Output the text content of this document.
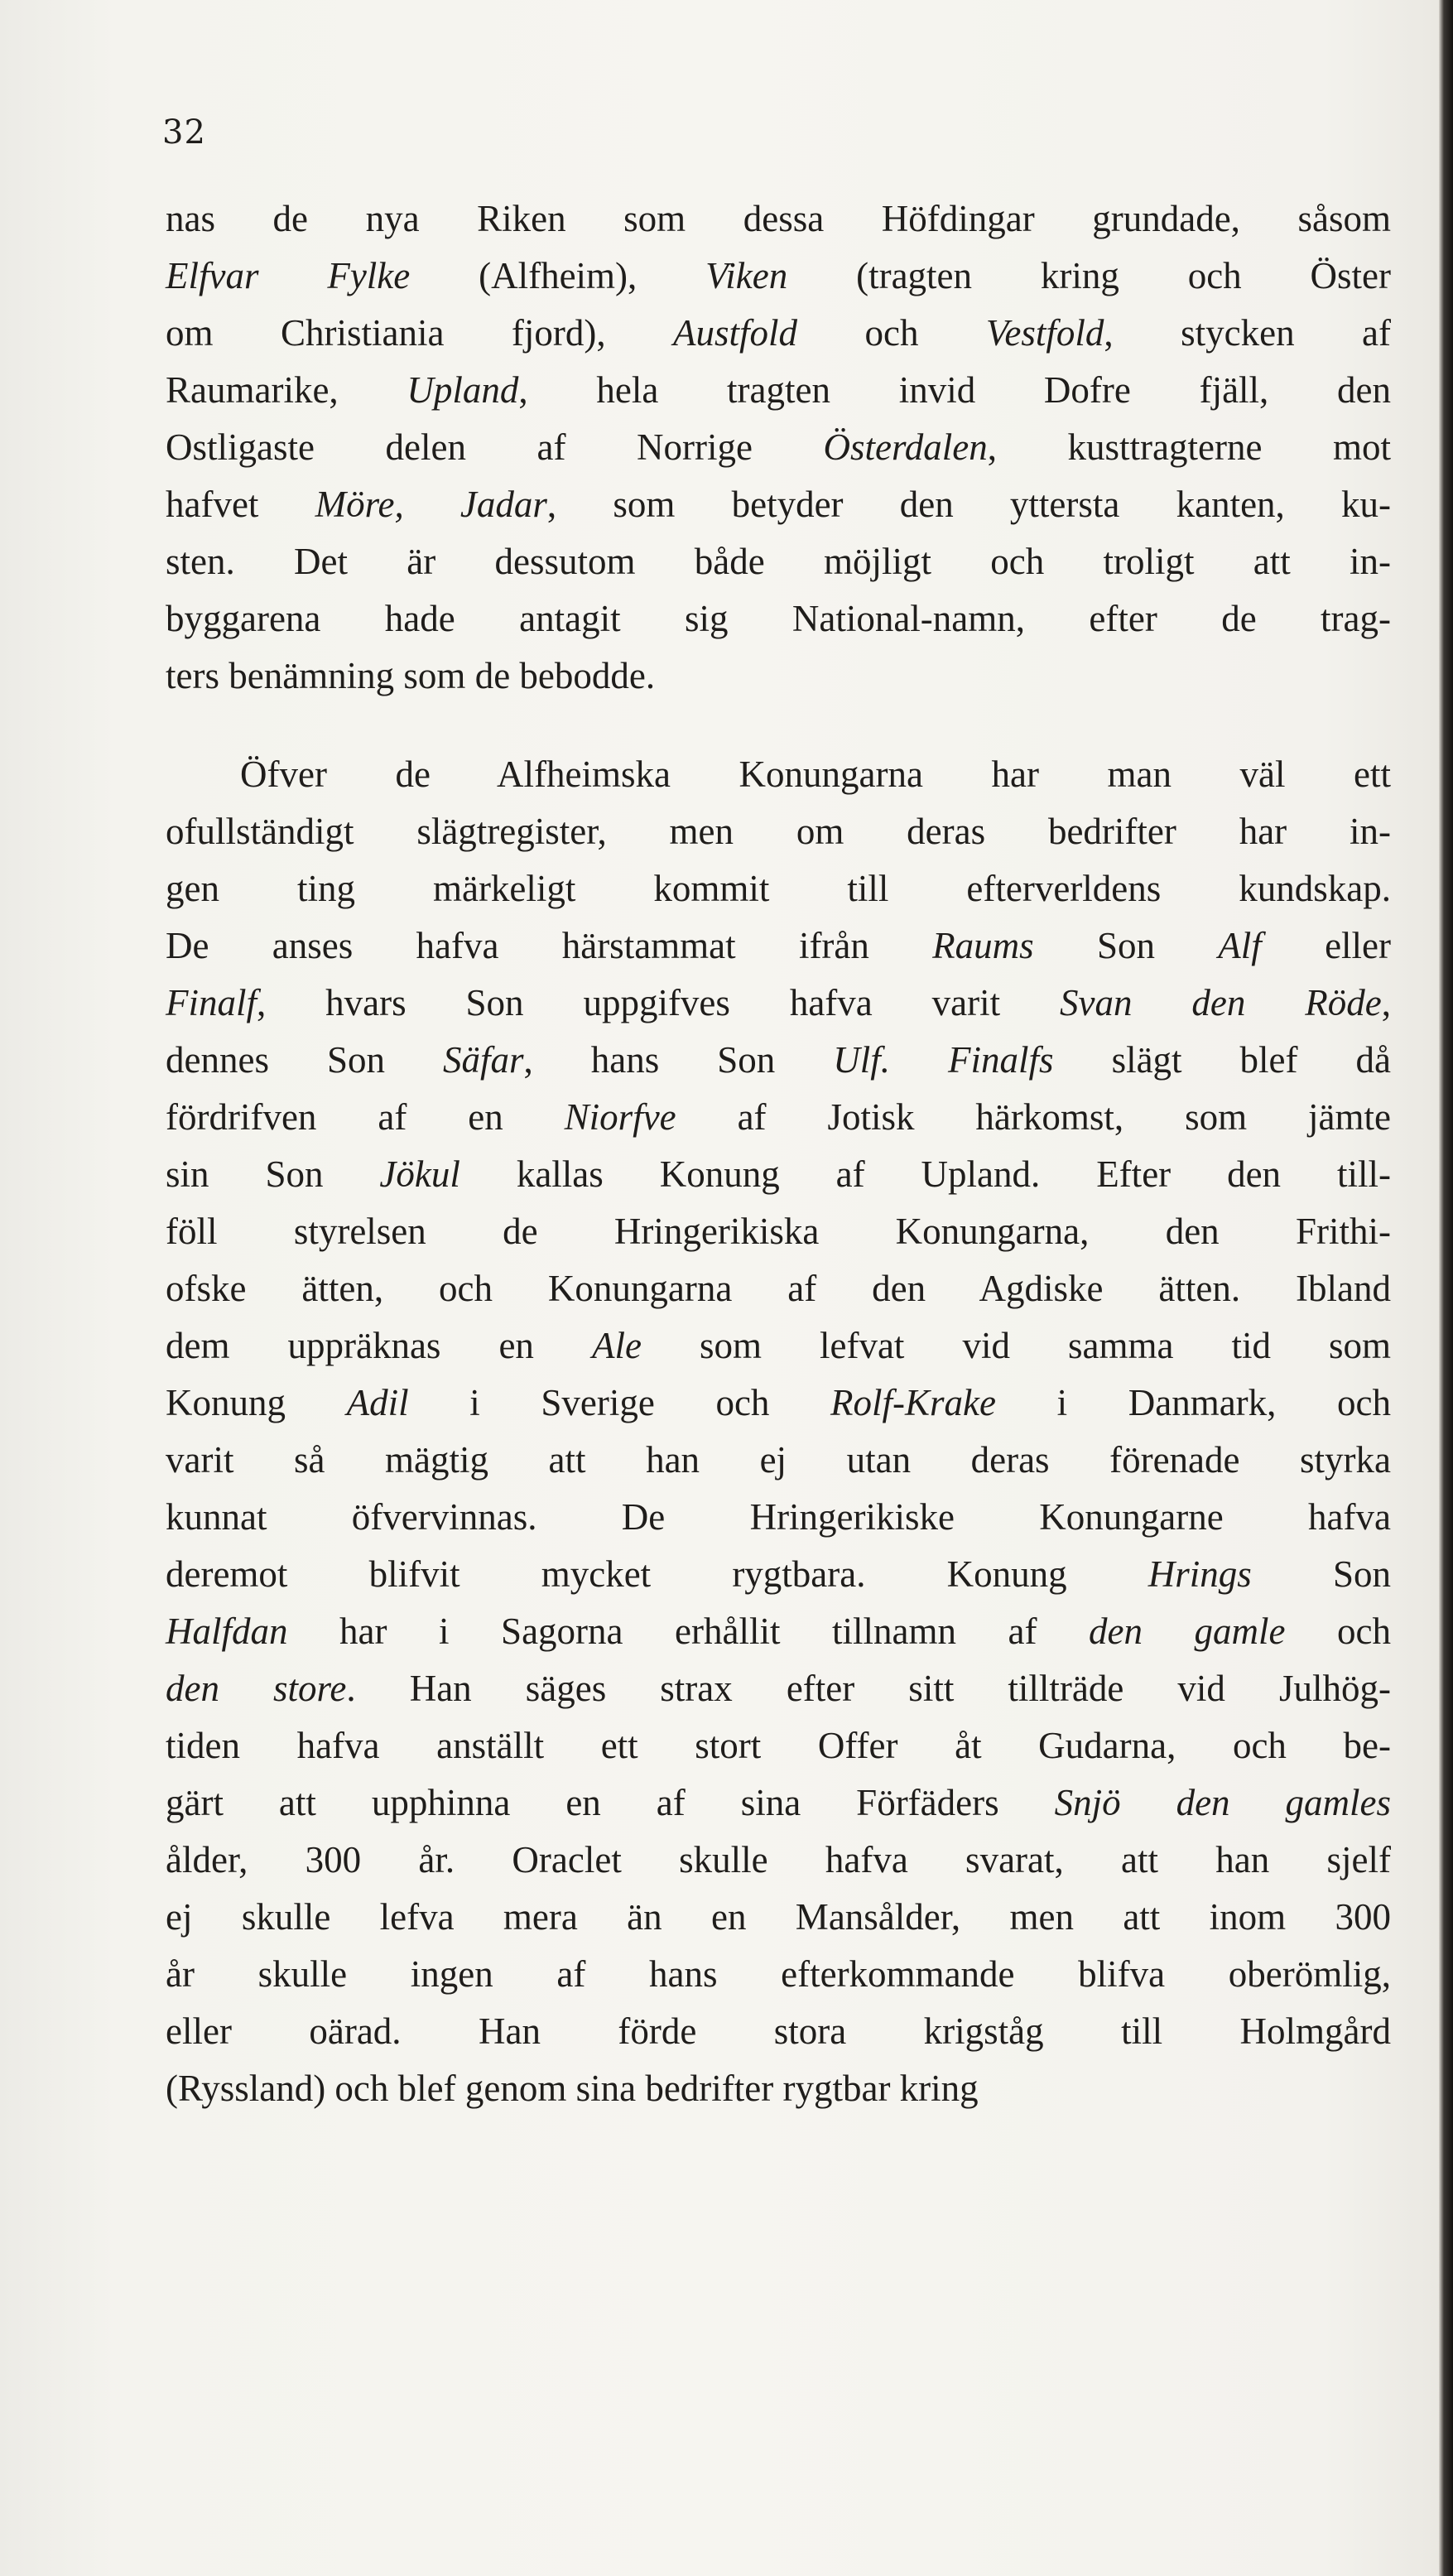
32
nas de nya Riken som dessa Höfdingar grundade, såsom
Elfvar Fylke (Alfheim), Viken (tragten kring och Öster
om Christiania fjord), Austfold och Vestfold, stycken af
Raumarike, Upland, hela tragten invid Dofre fjäll, den
Ostligaste delen af Norrige Österdalen, kusttragterne mot
hafvet Möre, Jadar, som betyder den yttersta kanten, ku-
sten. Det är dessutom både möjligt och troligt att in-
byggarena hade antagit sig National-namn, efter de trag-
ters benämning som de bebodde.
Öfver de Alfheimska Konungarna har man väl ett
ofullständigt slägtregister, men om deras bedrifter har in-
gen ting märkeligt kommit till efterverldens kundskap.
De anses hafva härstammat ifrån Raums Son Alf eller
Finalf, hvars Son uppgifves hafva varit Svan den Röde,
dennes Son Säfar, hans Son Ulf. Finalfs slägt blef då
fördrifven af en Niorfve af Jotisk härkomst, som jämte
sin Son Jökul kallas Konung af Upland. Efter den till-
föll styrelsen de Hringerikiska Konungarna, den Frithi-
ofske ätten, och Konungarna af den Agdiske ätten. Ibland
dem uppräknas en Ale som lefvat vid samma tid som
Konung Adil i Sverige och Rolf-Krake i Danmark, och
varit så mägtig att han ej utan deras förenade styrka
kunnat öfvervinnas. De Hringerikiske Konungarne hafva
deremot blifvit mycket rygtbara. Konung Hrings Son
Halfdan har i Sagorna erhållit tillnamn af den gamle och
den store. Han säges strax efter sitt tillträde vid Julhög-
tiden hafva anställt ett stort Offer åt Gudarna, och be-
gärt att upphinna en af sina Förfäders Snjö den gamles
ålder, 300 år. Oraclet skulle hafva svarat, att han sjelf
ej skulle lefva mera än en Mansålder, men att inom 300
år skulle ingen af hans efterkommande blifva oberömlig,
eller oärad. Han förde stora krigståg till Holmgård
(Ryssland) och blef genom sina bedrifter rygtbar kring
